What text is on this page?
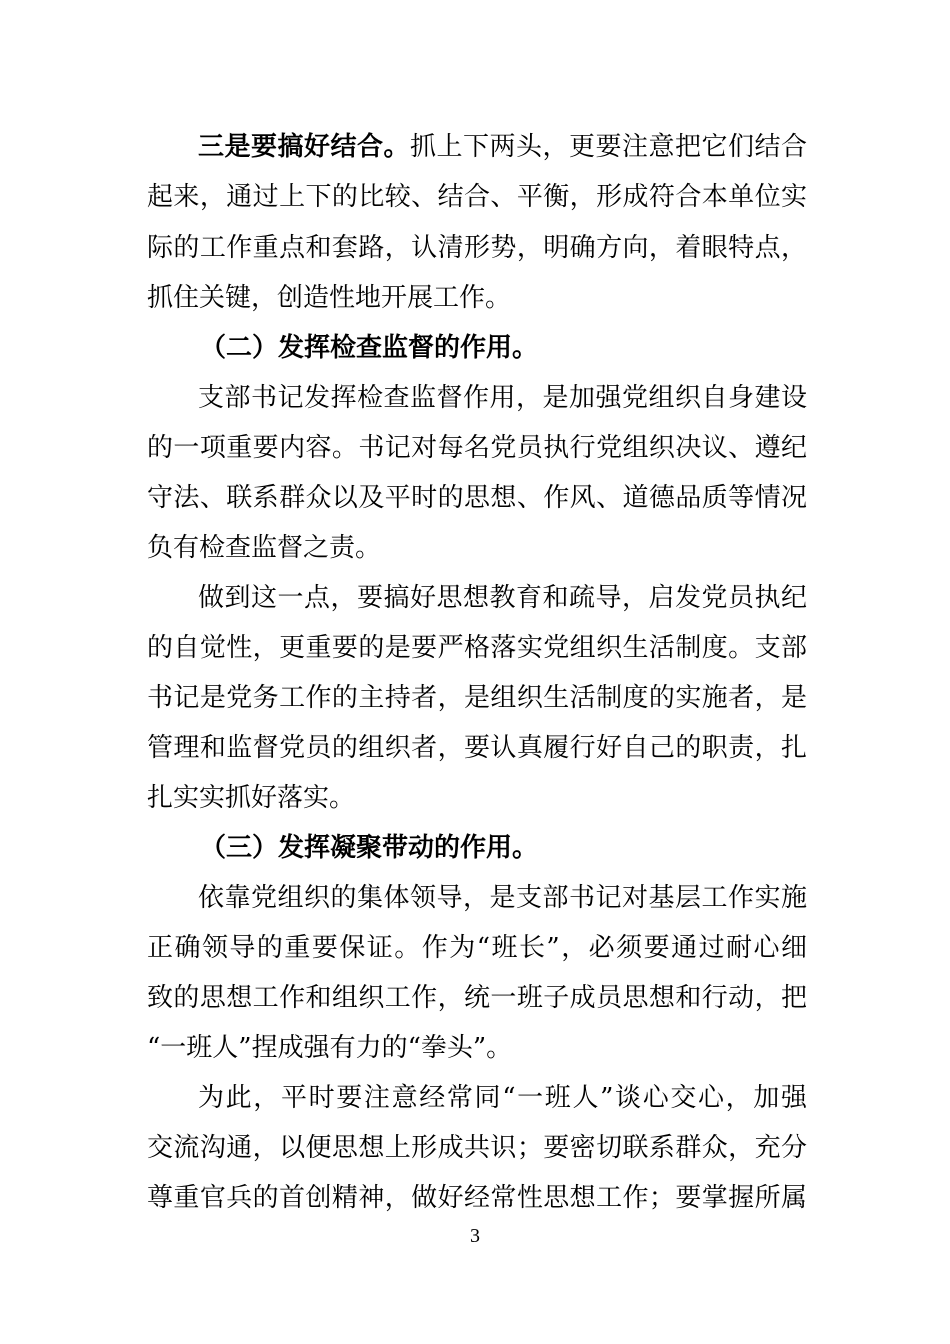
三是要搞好结合。抓上下两头，更要注意把它们结合
起来，通过上下的比较、结合、平衡，形成符合本单位实
际的工作重点和套路，认清形势，明确方向，着眼特点，
抓住关键，创造性地开展工作。
（二）发挥检查监督的作用。
支部书记发挥检查监督作用，是加强党组织自身建设
的一项重要内容。书记对每名党员执行党组织决议、遵纪
守法、联系群众以及平时的思想、作风、道德品质等情况
负有检查监督之责。
做到这一点，要搞好思想教育和疏导，启发党员执纪
的自觉性，更重要的是要严格落实党组织生活制度。支部
书记是党务工作的主持者，是组织生活制度的实施者，是
管理和监督党员的组织者，要认真履行好自己的职责，扎
扎实实抓好落实。
（三）发挥凝聚带动的作用。
依靠党组织的集体领导，是支部书记对基层工作实施
正确领导的重要保证。作为“班长”，必须要通过耐心细
致的思想工作和组织工作，统一班子成员思想和行动，把
“一班人”捏成强有力的“拳头”。
为此，平时要注意经常同“一班人”谈心交心，加强
交流沟通，以便思想上形成共识；要密切联系群众，充分
尊重官兵的首创精神，做好经常性思想工作；要掌握所属
3
